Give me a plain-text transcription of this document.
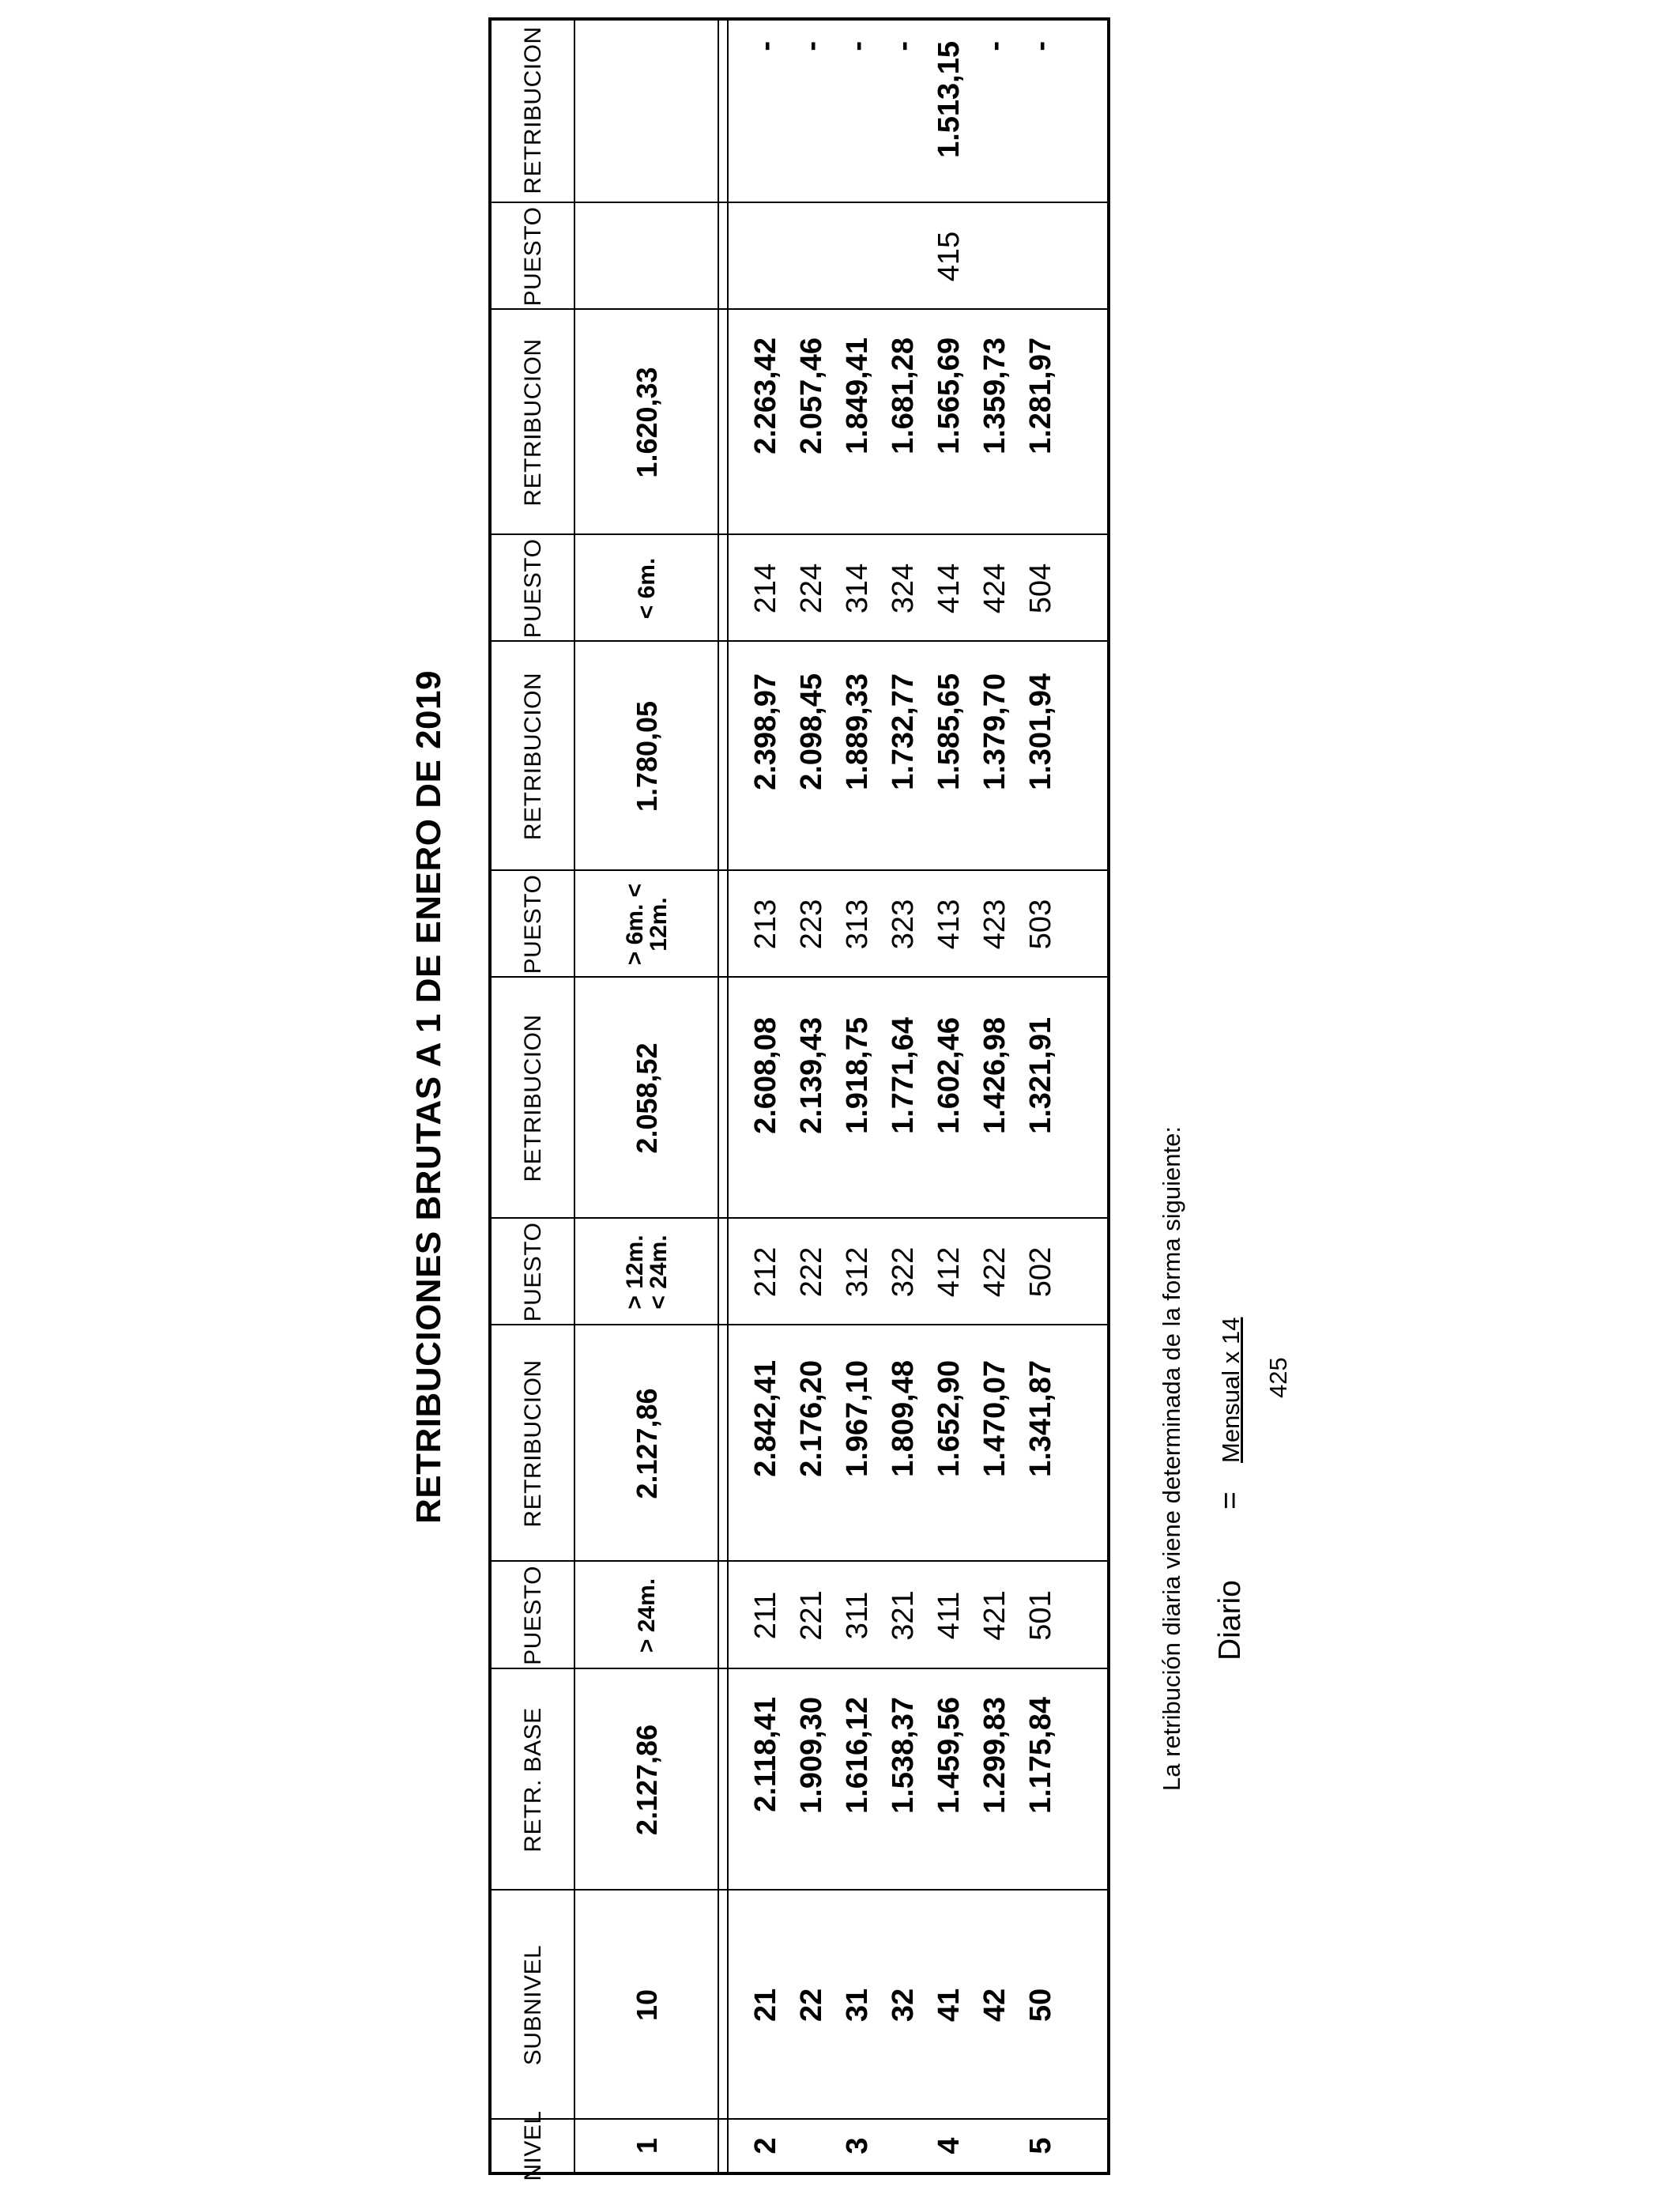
RETRIBUCIONES BRUTAS A 1 DE ENERO DE 2019
NIVEL
SUBNIVEL
RETR. BASE
PUESTO
RETRIBUCION
PUESTO
RETRIBUCION
PUESTO
RETRIBUCION
PUESTO
RETRIBUCION
PUESTO
RETRIBUCION
1
10
2.127,86
> 24m.
2.127,86
> 12m. < 24m.
2.058,52
> 6m. < 12m.
1.780,05
< 6m.
1.620,33
2 3 4 5
21 22 31 32 41 42 50
2.118,41 1.909,30 1.616,12 1.538,37 1.459,56 1.299,83 1.175,84
211 221 311 321 411 421 501
2.842,41 2.176,20 1.967,10 1.809,48 1.652,90 1.470,07 1.341,87
212 222 312 322 412 422 502
2.608,08 2.139,43 1.918,75 1.771,64 1.602,46 1.426,98 1.321,91
213 223 313 323 413 423 503
2.398,97 2.098,45 1.889,33 1.732,77 1.585,65 1.379,70 1.301,94
214 224 314 324 414 424 504
2.263,42 2.057,46 1.849,41 1.681,28 1.565,69 1.359,73 1.281,97
415
- - - - 1.513,15 - -
La retribución diaria viene determinada de la forma siguiente: Diario
=
Mensual x 14 425
